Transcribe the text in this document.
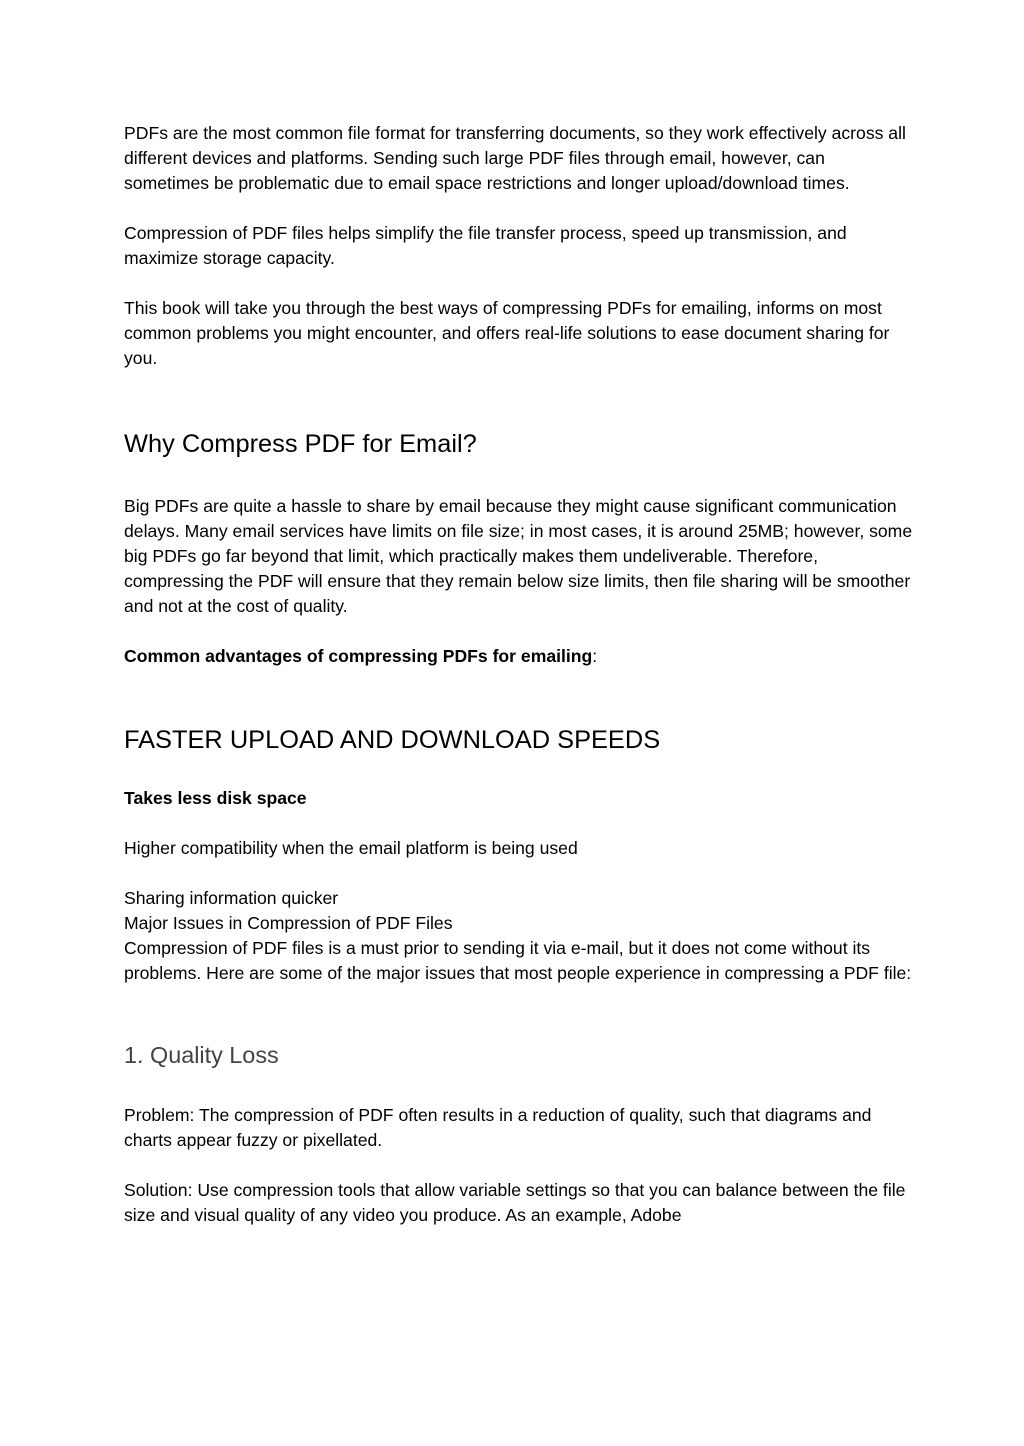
PDFs are the most common file format for transferring documents, so they work effectively across all different devices and platforms. Sending such large PDF files through email, however, can sometimes be problematic due to email space restrictions and longer upload/download times.

Compression of PDF files helps simplify the file transfer process, speed up transmission, and maximize storage capacity.

This book will take you through the best ways of compressing PDFs for emailing, informs on most common problems you might encounter, and offers real-life solutions to ease document sharing for you.

Why Compress PDF for Email?

Big PDFs are quite a hassle to share by email because they might cause significant communication delays. Many email services have limits on file size; in most cases, it is around 25MB; however, some big PDFs go far beyond that limit, which practically makes them undeliverable. Therefore, compressing the PDF will ensure that they remain below size limits, then file sharing will be smoother and not at the cost of quality.

Common advantages of compressing PDFs for emailing:

FASTER UPLOAD AND DOWNLOAD SPEEDS

Takes less disk space

Higher compatibility when the email platform is being used

Sharing information quicker

Major Issues in Compression of PDF Files

Compression of PDF files is a must prior to sending it via e-mail, but it does not come without its problems. Here are some of the major issues that most people experience in compressing a PDF file:

1. Quality Loss

Problem: The compression of PDF often results in a reduction of quality, such that diagrams and charts appear fuzzy or pixellated.

Solution: Use compression tools that allow variable settings so that you can balance between the file size and visual quality of any video you produce. As an example, Adobe
